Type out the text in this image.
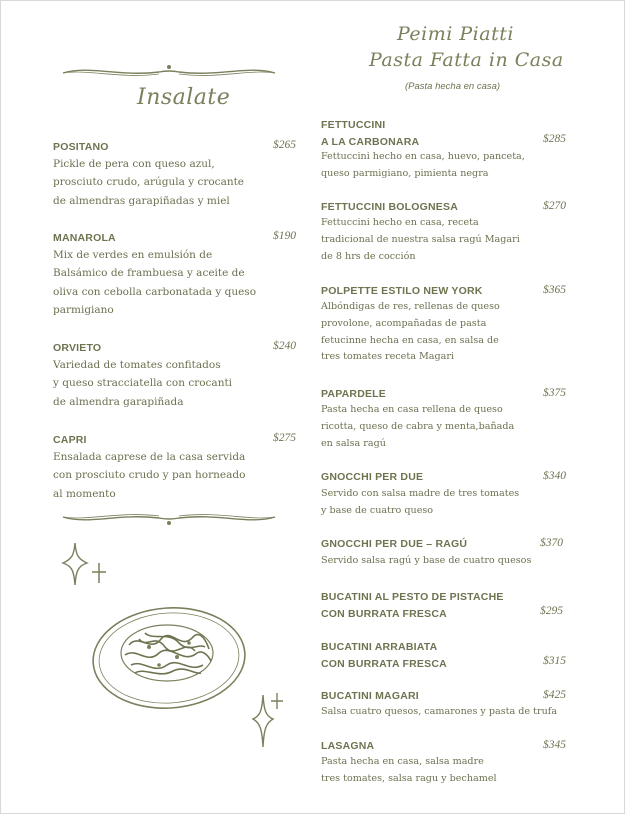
Peimi Piatti
Pasta Fatta in Casa
(Pasta hecha en casa)
Insalate
POSITANO	$265
Pickle de pera con queso azul,
prosciuto crudo, arúgula y crocante
de almendras garapiñadas y miel
MANAROLA	$190
Mix de verdes en emulsión de
Balsámico de frambuesa y aceite de
oliva con cebolla carbonatada y queso
parmigiano
ORVIETO	$240
Variedad de tomates confitados
y queso stracciatella con crocanti
de almendra garapiñada
CAPRI	$275
Ensalada caprese de la casa servida
con prosciuto crudo y pan horneado
al momento
FETTUCCINI
A LA CARBONARA	$285
Fettuccini hecho en casa, huevo, panceta,
queso parmigiano, pimienta negra
FETTUCCINI BOLOGNESA	$270
Fettuccini hecho en casa, receta
tradicional de nuestra salsa ragú Magari
de 8 hrs de cocción
POLPETTE ESTILO NEW YORK	$365
Albóndigas de res, rellenas de queso
provolone, acompañadas de pasta
fetucinne hecha en casa, en salsa de
tres tomates receta Magari
PAPARDELE	$375
Pasta hecha en casa rellena de queso
ricotta, queso de cabra y menta,bañada
en salsa ragú
GNOCCHI PER DUE	$340
Servido con salsa madre de tres tomates
y base de cuatro queso
GNOCCHI PER DUE – RAGÚ	$370
Servido salsa ragú y base de cuatro quesos
BUCATINI AL PESTO DE PISTACHE
CON BURRATA FRESCA	$295
BUCATINI ARRABIATA
CON BURRATA FRESCA	$315
BUCATINI MAGARI	$425
Salsa cuatro quesos, camarones y pasta de trufa
LASAGNA	$345
Pasta hecha en casa, salsa madre
tres tomates, salsa ragu y bechamel
